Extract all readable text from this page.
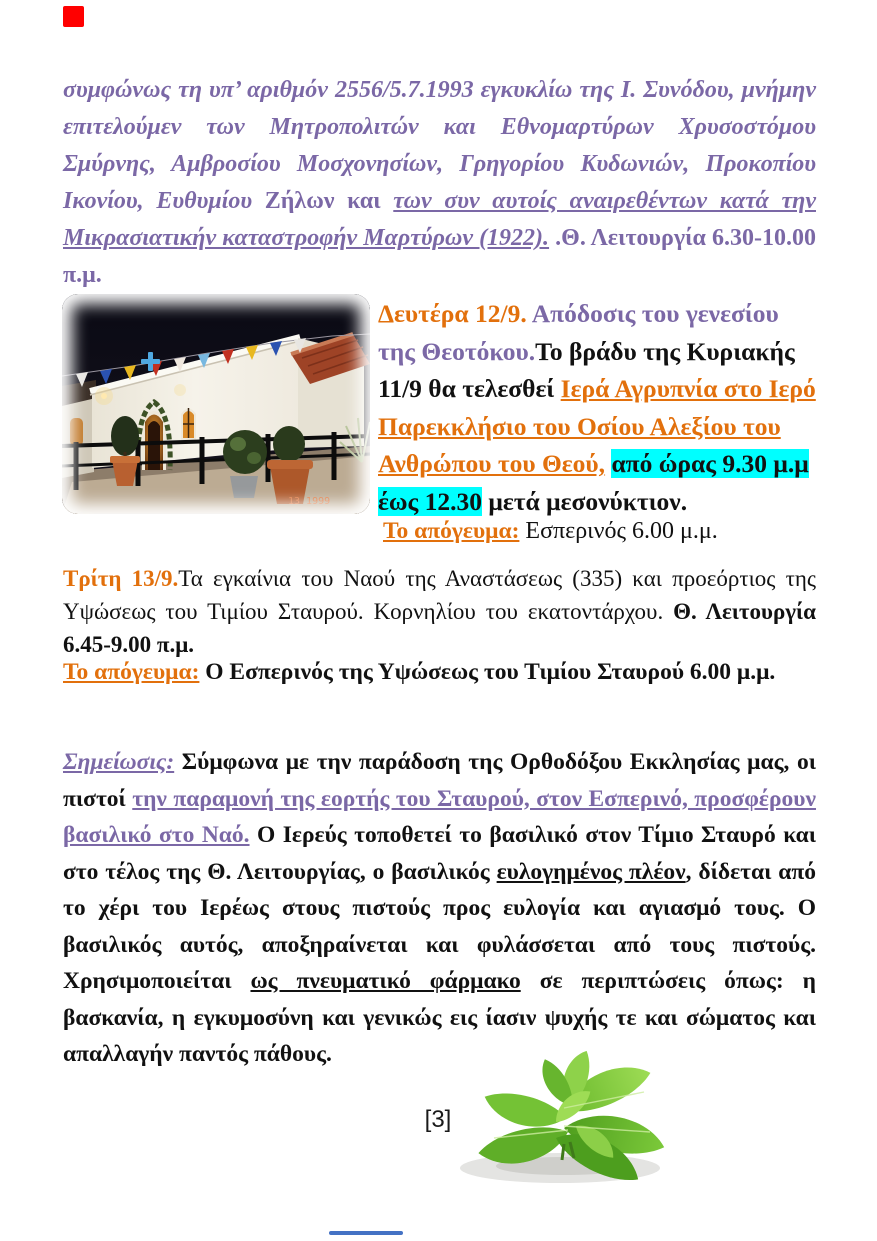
συμφώνως τη υπ’ αριθμόν 2556/5.7.1993 εγκυκλίω της Ι. Συνόδου, μνήμην επιτελούμεν των Μητροπολιτών και Εθνομαρτύρων Χρυσοστόμου Σμύρνης, Αμβροσίου Μοσχονησίων, Γρηγορίου Κυδωνιών, Προκοπίου Ικονίου, Ευθυμίου Ζήλων και των συν αυτοίς αναιρεθέντων κατά την Μικρασιατικήν καταστροφήν Μαρτύρων (1922). .Θ. Λειτουργία 6.30-10.00 π.μ.

13 1999

Δευτέρα 12/9. Απόδοσις του γενεσίου της Θεοτόκου.Το βράδυ της Κυριακής 11/9 θα τελεσθεί Ιερά Αγρυπνία στο Ιερό Παρεκκλήσιο του Οσίου Αλεξίου του Ανθρώπου του Θεού, από ώρας 9.30 μ.μ έως 12.30 μετά μεσονύκτιον.

Το απόγευμα: Εσπερινός 6.00 μ.μ.

Τρίτη 13/9.Τα εγκαίνια του Ναού της Αναστάσεως (335) και προεόρτιος της Υψώσεως του Τιμίου Σταυρού. Κορνηλίου του εκατοντάρχου. Θ. Λειτουργία 6.45-9.00 π.μ.

Το απόγευμα: Ο Εσπερινός της Υψώσεως του Τιμίου Σταυρού 6.00 μ.μ.

Σημείωσις: Σύμφωνα με την παράδοση της Ορθοδόξου Εκκλησίας μας, οι πιστοί την παραμονή της εορτής του Σταυρού, στον Εσπερινό, προσφέρουν βασιλικό στο Ναό. Ο Ιερεύς τοποθετεί το βασιλικό στον Τίμιο Σταυρό και στο τέλος της Θ. Λειτουργίας, ο βασιλικός ευλογημένος πλέον, δίδεται από το χέρι του Ιερέως στους πιστούς προς ευλογία και αγιασμό τους. Ο βασιλικός αυτός, αποξηραίνεται και φυλάσσεται από τους πιστούς. Χρησιμοποιείται ως πνευματικό φάρμακο σε περιπτώσεις όπως: η βασκανία, η εγκυμοσύνη και γενικώς εις ίασιν ψυχής τε και σώματος και απαλλαγήν παντός πάθους.

[3]
